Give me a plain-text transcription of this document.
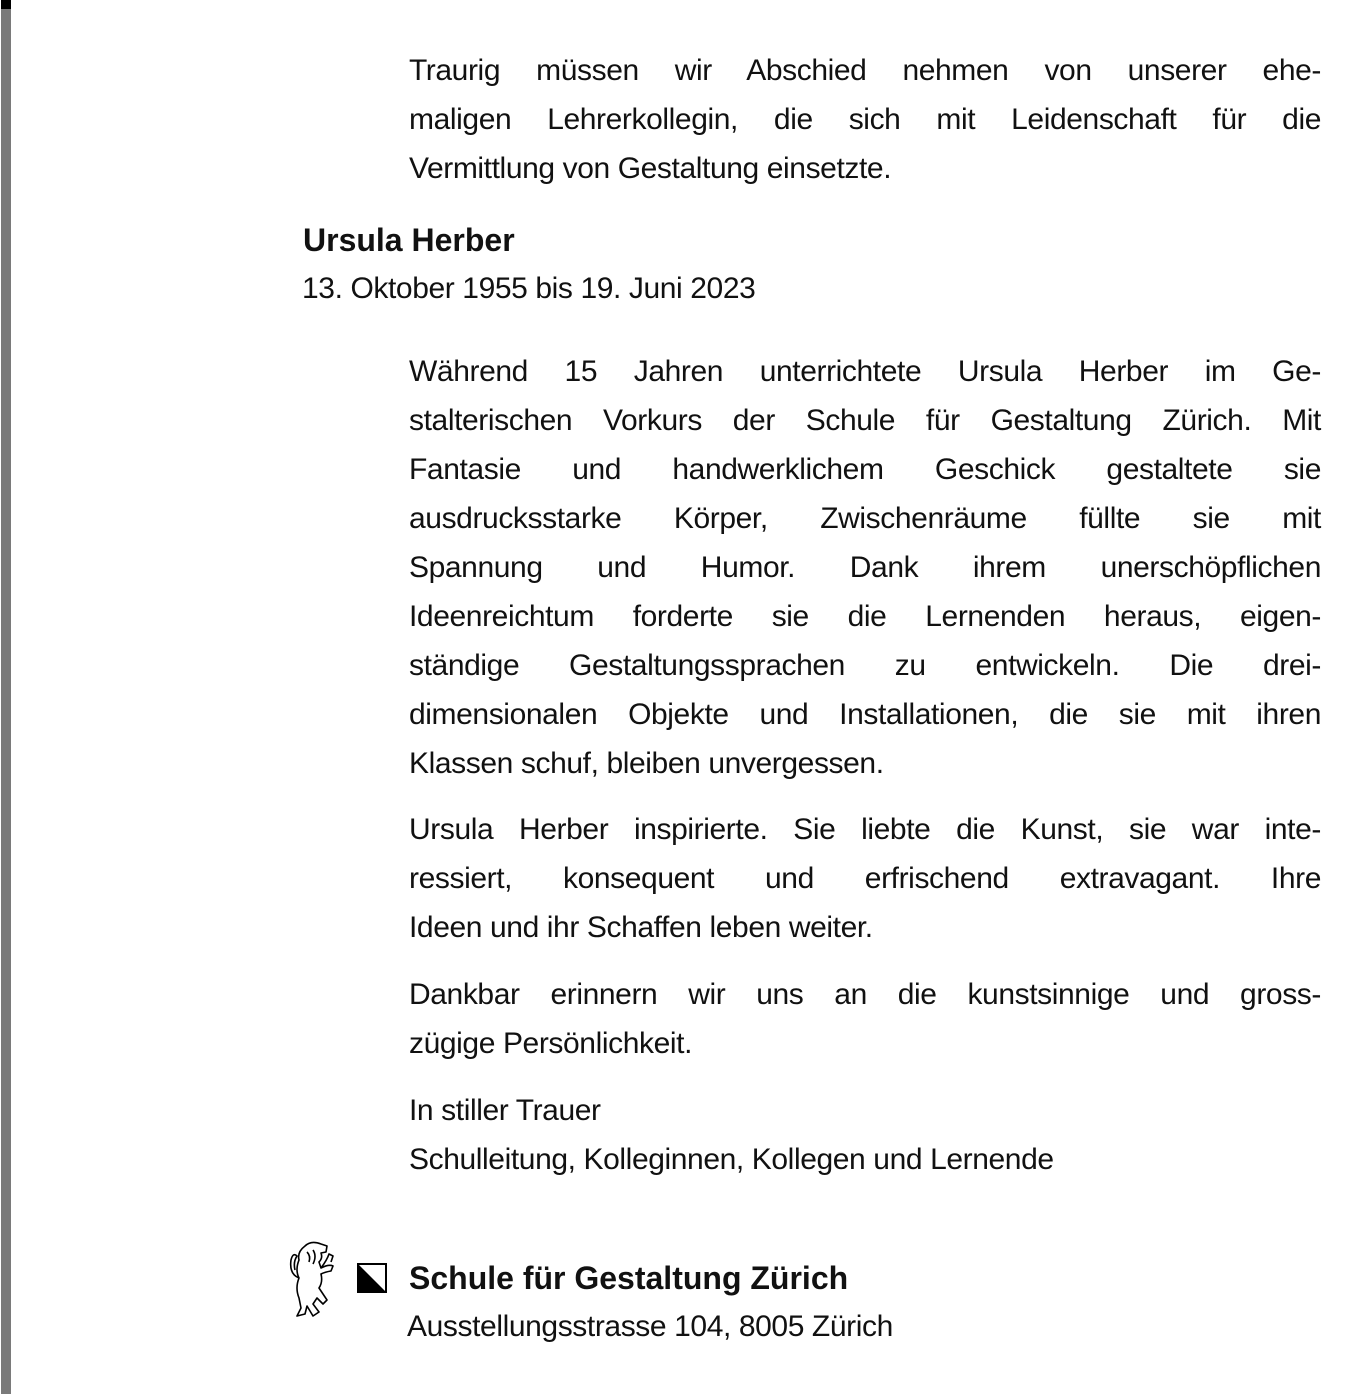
Traurig müssen wir Abschied nehmen von unserer ehe-
maligen Lehrerkollegin, die sich mit Leidenschaft für die
Vermittlung von Gestaltung einsetzte.
Ursula Herber
13. Oktober 1955 bis 19. Juni 2023
Während 15 Jahren unterrichtete Ursula Herber im Ge-
stalterischen Vorkurs der Schule für Gestaltung Zürich. Mit
Fantasie und handwerklichem Geschick gestaltete sie
ausdrucksstarke Körper, Zwischenräume füllte sie mit
Spannung und Humor. Dank ihrem unerschöpflichen
Ideenreichtum forderte sie die Lernenden heraus, eigen-
ständige Gestaltungssprachen zu entwickeln. Die drei-
dimensionalen Objekte und Installationen, die sie mit ihren
Klassen schuf, bleiben unvergessen.
Ursula Herber inspirierte. Sie liebte die Kunst, sie war inte-
ressiert, konsequent und erfrischend extravagant. Ihre
Ideen und ihr Schaffen leben weiter.
Dankbar erinnern wir uns an die kunstsinnige und gross-
zügige Persönlichkeit.
In stiller Trauer
Schulleitung, Kolleginnen, Kollegen und Lernende
Schule für Gestaltung Zürich
Ausstellungsstrasse 104, 8005 Zürich
